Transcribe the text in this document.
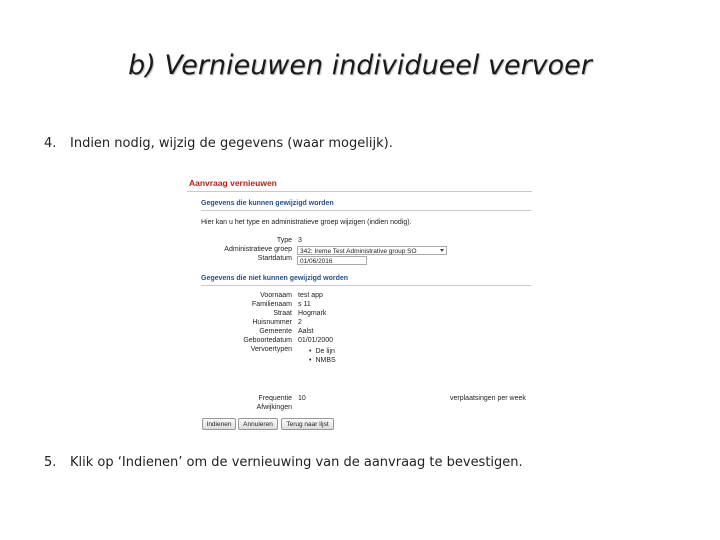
b) Vernieuwen individueel vervoer
4. Indien nodig, wijzig de gegevens (waar mogelijk).
Aanvraag vernieuwen
Gegevens die kunnen gewijzigd worden
Hier kan u het type en administratieve groep wijzigen (indien nodig).
Type 3
Administratieve groep	342: Ireme Test Administrative group SO
Startdatum	01/06/2016
Gegevens die niet kunnen gewijzigd worden
Voornaam test app
Familienaam s 11
Straat Hogmark
Huisnummer 2
Gemeente Aalst
Geboortedatum 01/01/2000
Vervoertypen
•	De lijn
• NMBS
Frequentie 10	verplaatsingen per week
Afwijkingen
Indienen	Annuleren	Terug naar lijst
5. Klik op ‘Indienen’ om de vernieuwing van de aanvraag te bevestigen.
